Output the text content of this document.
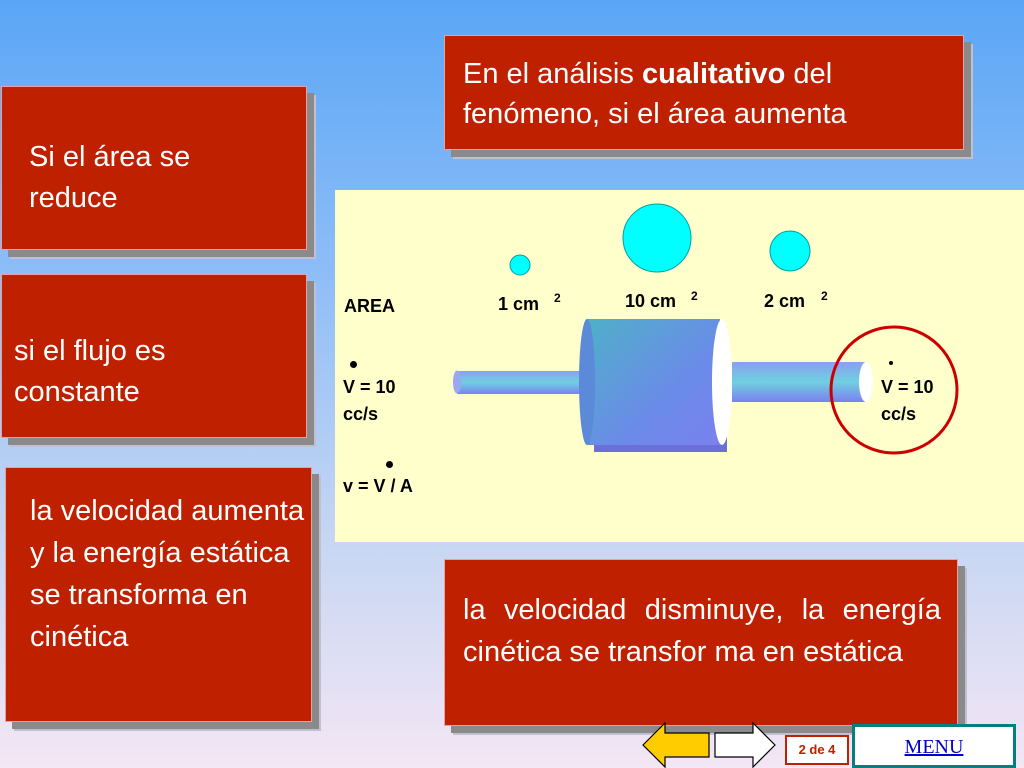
En el análisis cualitativo del fenómeno, si el área aumenta
Si el área se reduce
si el flujo es constante
la velocidad aumenta y la energía estática se transforma en cinética
la velocidad disminuye, la energía cinética se transfor ma en estática
AREA
V = 10
cc/s
v = V / A
1 cm 2	10 cm 2	2 cm 2
V = 10
cc/s
2 de 4	MENU
